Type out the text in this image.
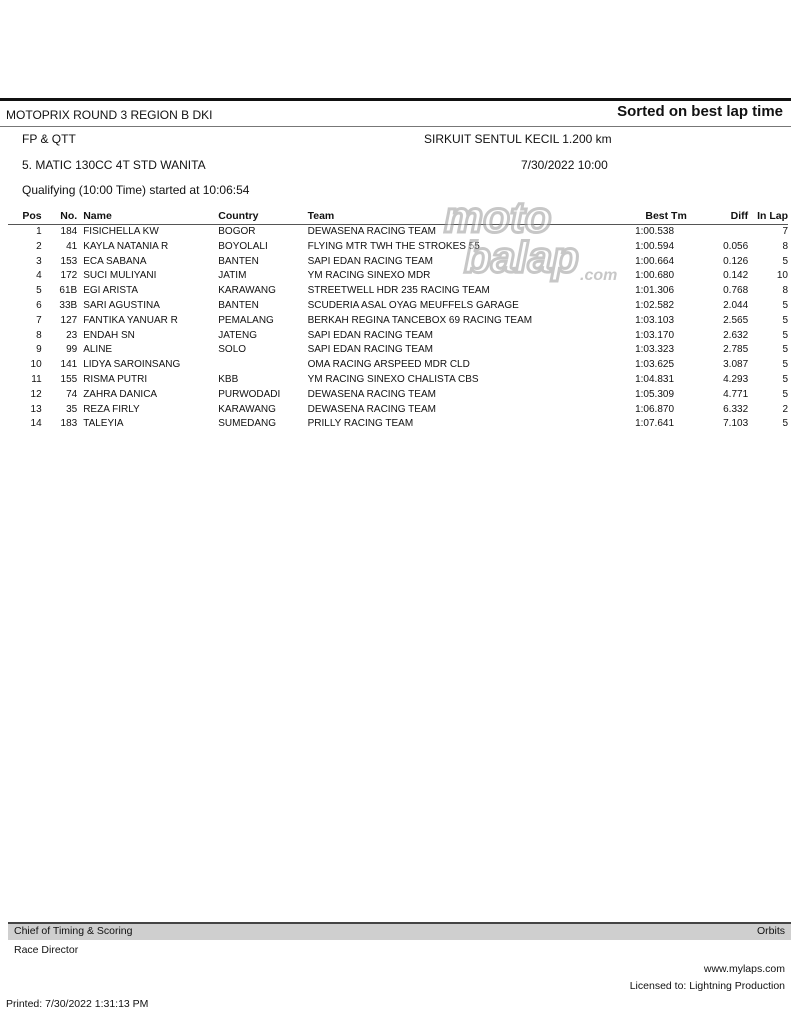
MOTOPRIX ROUND 3 REGION B DKI	Sorted on best lap time
FP & QTT	SIRKUIT SENTUL KECIL 1.200 km
5. MATIC 130CC 4T STD WANITA	7/30/2022 10:00
Qualifying (10:00 Time) started at 10:06:54
Pos	No.	Name	Country	Team	Best Tm	Diff	In Lap
1	184	FISICHELLA KW	BOGOR	DEWASENA RACING TEAM	1:00.538		7
2	41	KAYLA NATANIA R	BOYOLALI	FLYING MTR TWH THE STROKES 55	1:00.594	0.056	8
3	153	ECA SABANA	BANTEN	SAPI EDAN RACING TEAM	1:00.664	0.126	5
4	172	SUCI MULIYANI	JATIM	YM RACING SINEXO MDR	1:00.680	0.142	10
5	61B	EGI ARISTA	KARAWANG	STREETWELL HDR 235 RACING TEAM	1:01.306	0.768	8
6	33B	SARI AGUSTINA	BANTEN	SCUDERIA ASAL OYAG MEUFFELS GARAGE	1:02.582	2.044	5
7	127	FANTIKA YANUAR R	PEMALANG	BERKAH REGINA TANCEBOX 69 RACING TEAM	1:03.103	2.565	5
8	23	ENDAH SN	JATENG	SAPI EDAN RACING TEAM	1:03.170	2.632	5
9	99	ALINE	SOLO	SAPI EDAN RACING TEAM	1:03.323	2.785	5
10	141	LIDYA SAROINSANG		OMA RACING ARSPEED MDR CLD	1:03.625	3.087	5
11	155	RISMA PUTRI	KBB	YM RACING SINEXO CHALISTA CBS	1:04.831	4.293	5
12	74	ZAHRA DANICA	PURWODADI	DEWASENA RACING TEAM	1:05.309	4.771	5
13	35	REZA FIRLY	KARAWANG	DEWASENA RACING TEAM	1:06.870	6.332	2
14	183	TALEYIA	SUMEDANG	PRILLY RACING TEAM	1:07.641	7.103	5
moto
balap .com
Chief of Timing & Scoring	Orbits
Race Director
www.mylaps.com
Licensed to: Lightning Production
Printed: 7/30/2022 1:31:13 PM
